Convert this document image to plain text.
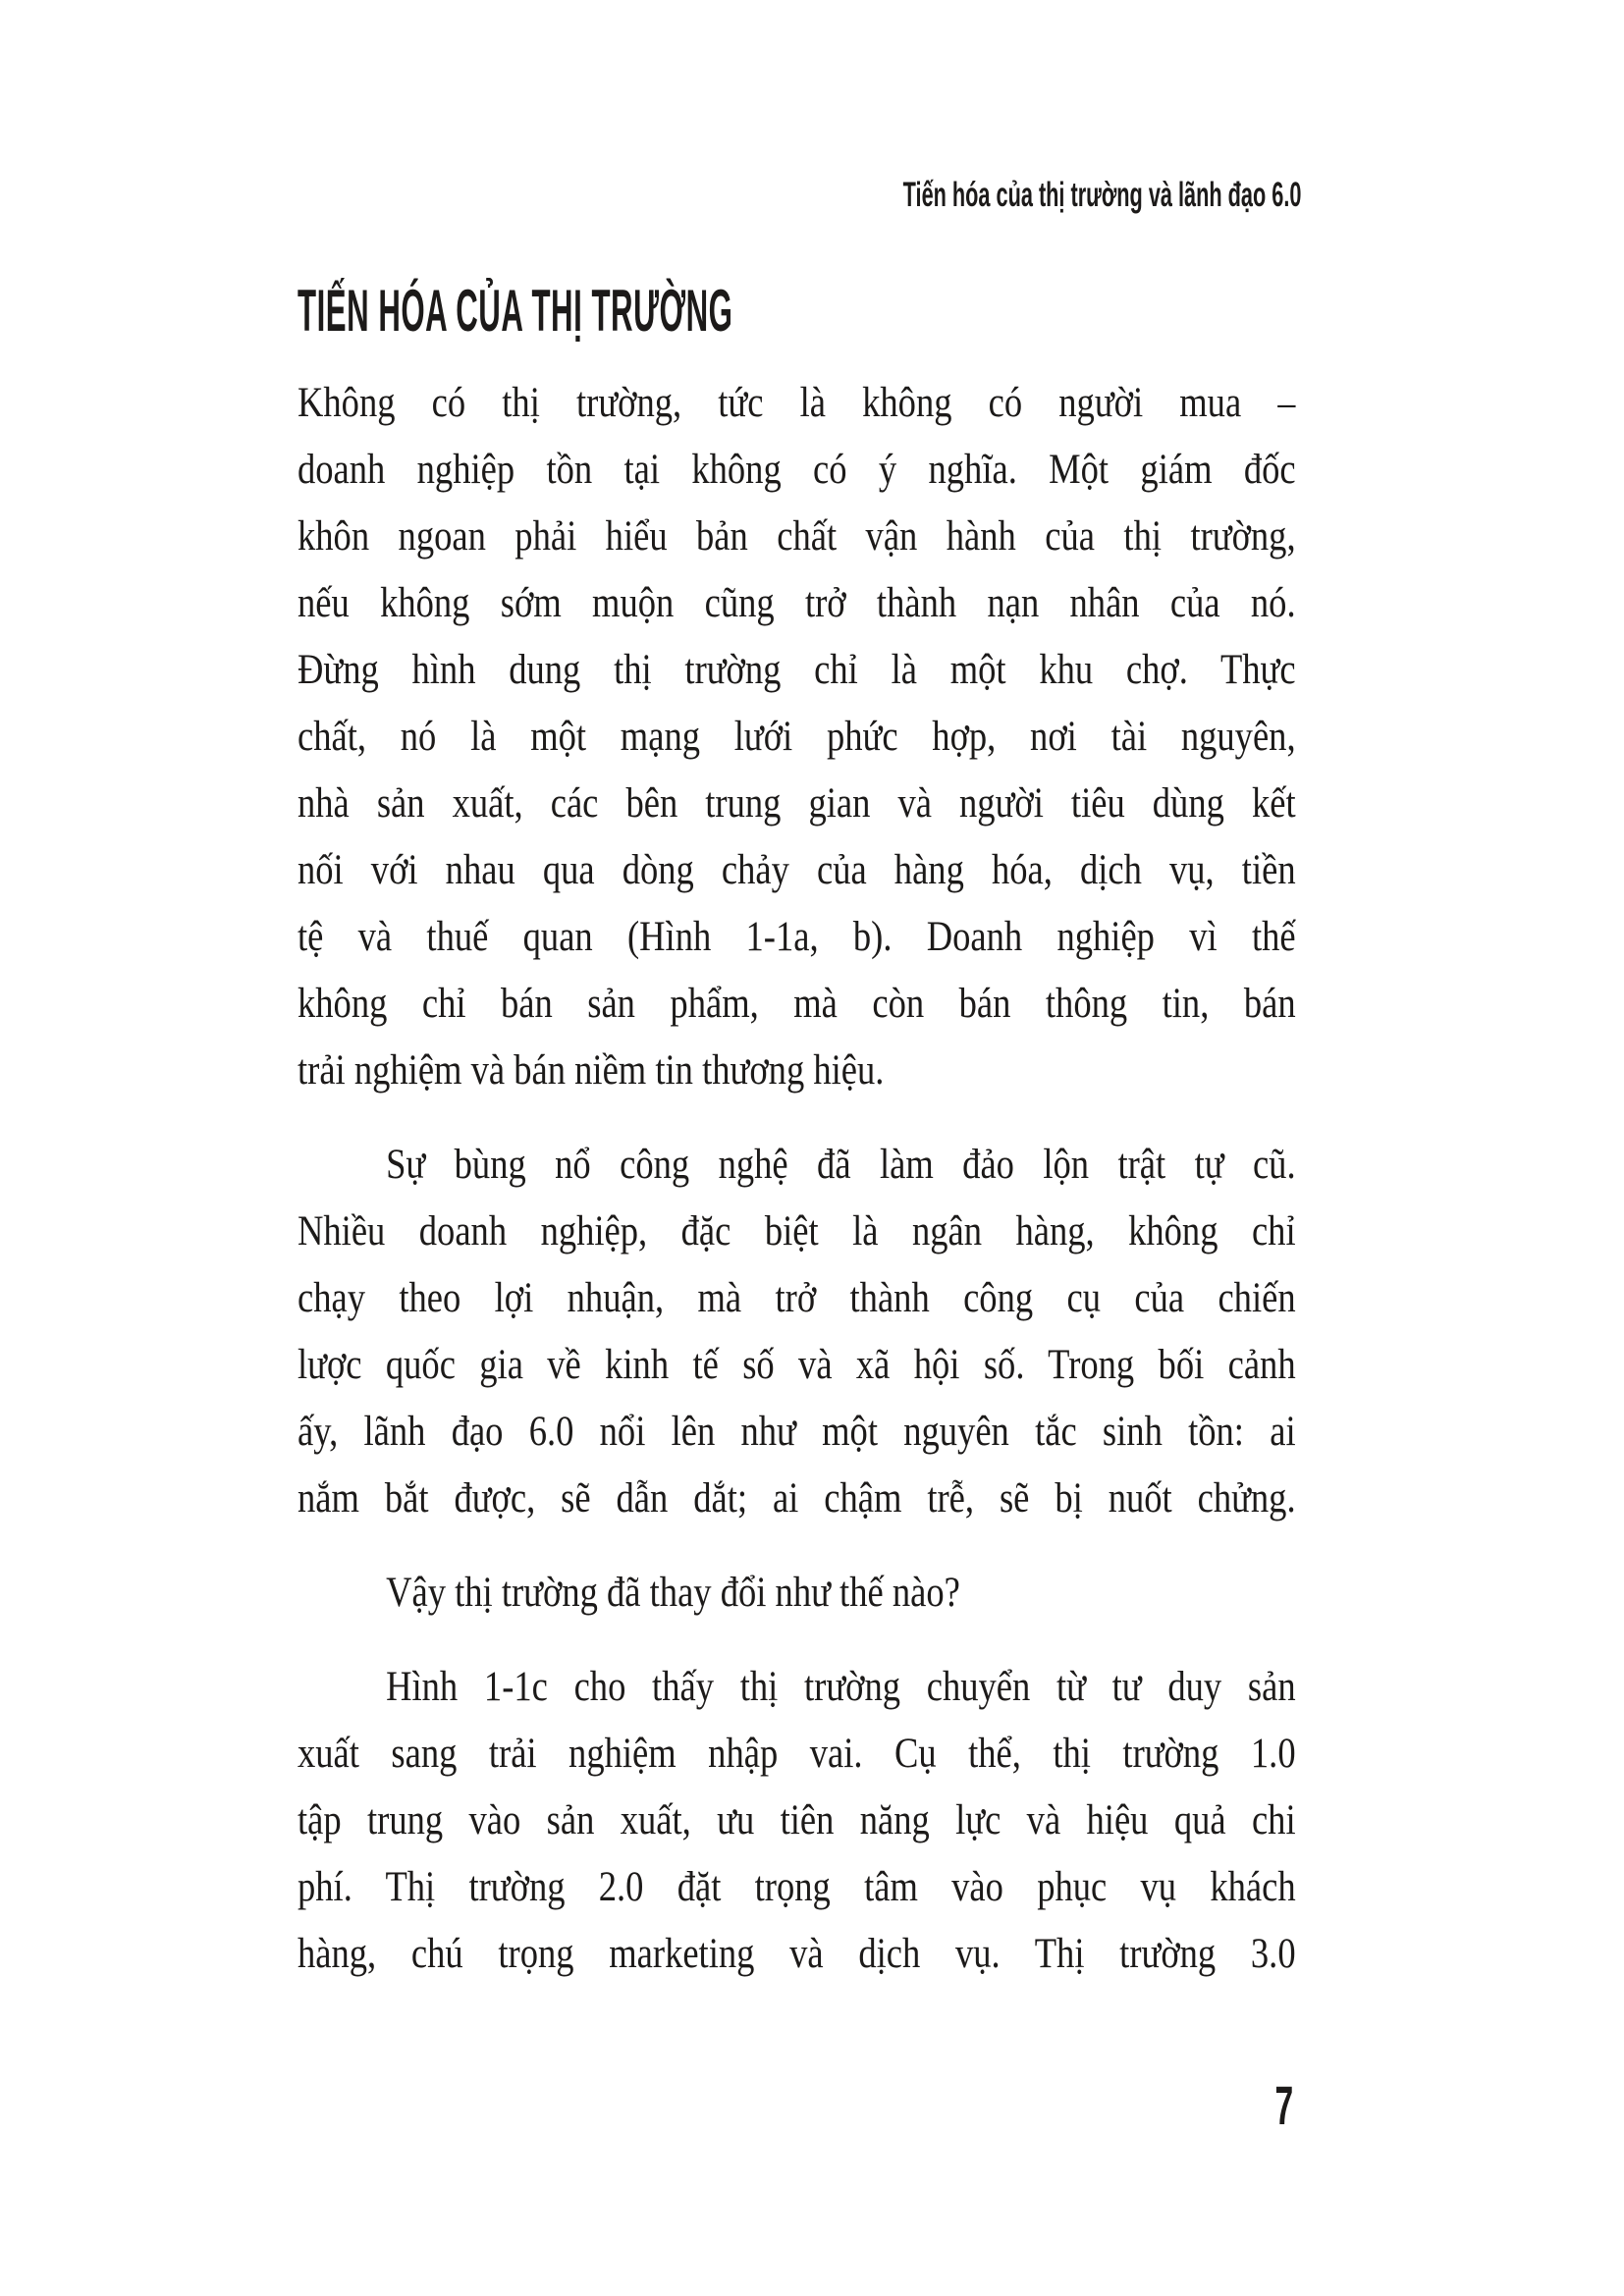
Tiến hóa của thị trường và lãnh đạo 6.0
TIẾN HÓA CỦA THỊ TRƯỜNG
Không có thị trường, tức là không có người mua –
doanh nghiệp tồn tại không có ý nghĩa. Một giám đốc
khôn ngoan phải hiểu bản chất vận hành của thị trường,
nếu không sớm muộn cũng trở thành nạn nhân của nó.
Đừng hình dung thị trường chỉ là một khu chợ. Thực
chất, nó là một mạng lưới phức hợp, nơi tài nguyên,
nhà sản xuất, các bên trung gian và người tiêu dùng kết
nối với nhau qua dòng chảy của hàng hóa, dịch vụ, tiền
tệ và thuế quan (Hình 1-1a, b). Doanh nghiệp vì thế
không chỉ bán sản phẩm, mà còn bán thông tin, bán
trải nghiệm và bán niềm tin thương hiệu.
Sự bùng nổ công nghệ đã làm đảo lộn trật tự cũ.
Nhiều doanh nghiệp, đặc biệt là ngân hàng, không chỉ
chạy theo lợi nhuận, mà trở thành công cụ của chiến
lược quốc gia về kinh tế số và xã hội số. Trong bối cảnh
ấy, lãnh đạo 6.0 nổi lên như một nguyên tắc sinh tồn: ai
nắm bắt được, sẽ dẫn dắt; ai chậm trễ, sẽ bị nuốt chửng.
Vậy thị trường đã thay đổi như thế nào?
Hình 1-1c cho thấy thị trường chuyển từ tư duy sản
xuất sang trải nghiệm nhập vai. Cụ thể, thị trường 1.0
tập trung vào sản xuất, ưu tiên năng lực và hiệu quả chi
phí. Thị trường 2.0 đặt trọng tâm vào phục vụ khách
hàng, chú trọng marketing và dịch vụ. Thị trường 3.0
7
